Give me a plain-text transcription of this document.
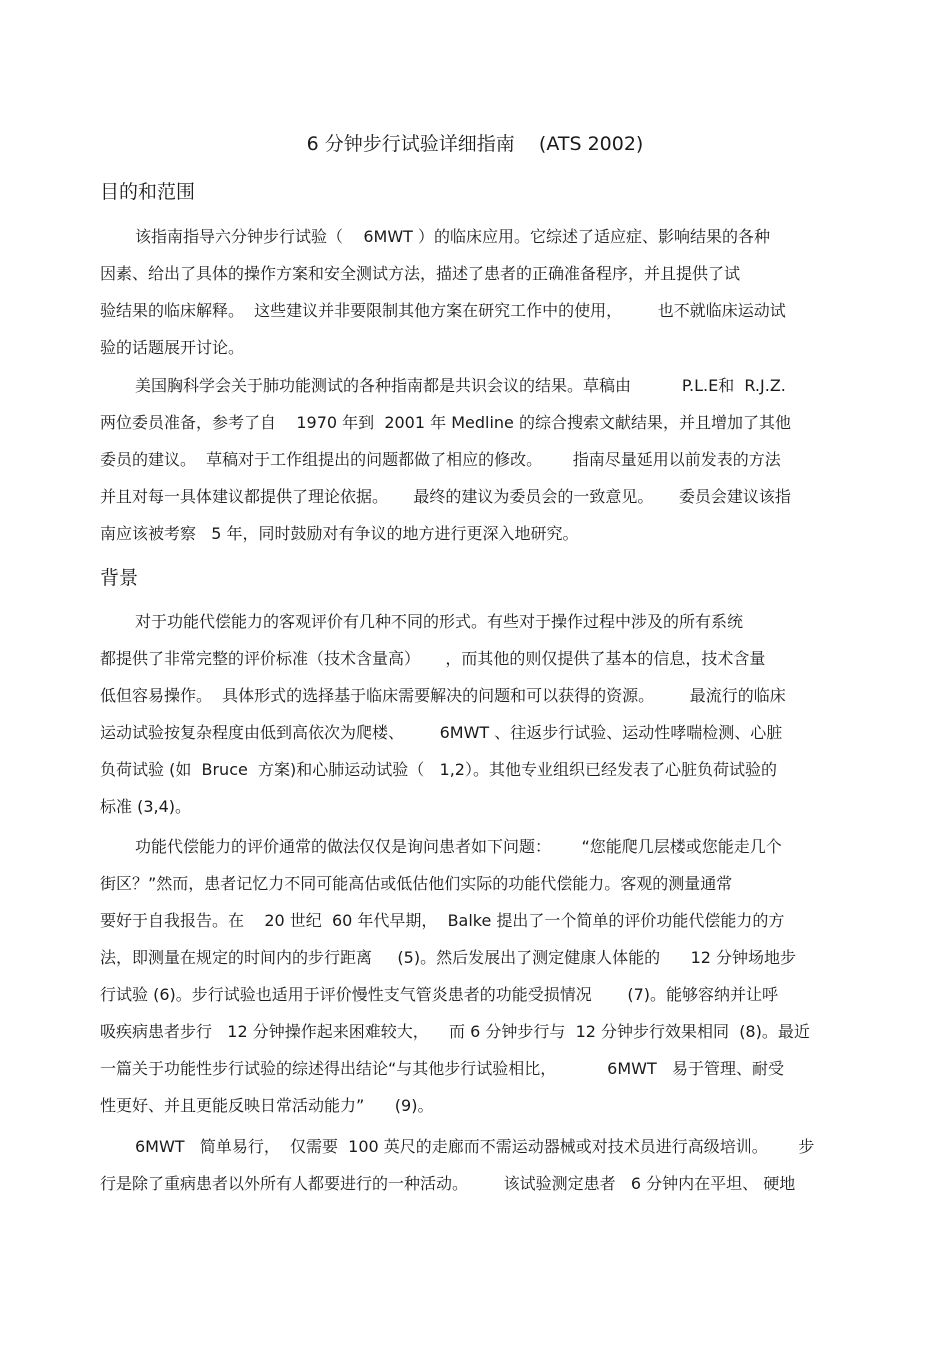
6 分钟步行试验详细指南    (ATS 2002)
目的和范围
该指南指导六分钟步行试验（    6MWT ）的临床应用。它综述了适应症、影响结果的各种
因素、给出了具体的操作方案和安全测试方法，描述了患者的正确准备程序，并且提供了试
验结果的临床解释。  这些建议并非要限制其他方案在研究工作中的使用，       也不就临床运动试
验的话题展开讨论。
美国胸科学会关于肺功能测试的各种指南都是共识会议的结果。草稿由          P.L.E和  R.J.Z.
两位委员准备，参考了自    1970 年到  2001 年 Medline 的综合搜索文献结果，并且增加了其他
委员的建议。  草稿对于工作组提出的问题都做了相应的修改。      指南尽量延用以前发表的方法
并且对每一具体建议都提供了理论依据。     最终的建议为委员会的一致意见。     委员会建议该指
南应该被考察   5 年，同时鼓励对有争议的地方进行更深入地研究。
背景
对于功能代偿能力的客观评价有几种不同的形式。有些对于操作过程中涉及的所有系统
都提供了非常完整的评价标准（技术含量高）     ，而其他的则仅提供了基本的信息，技术含量
低但容易操作。  具体形式的选择基于临床需要解决的问题和可以获得的资源。       最流行的临床
运动试验按复杂程度由低到高依次为爬楼、       6MWT 、往返步行试验、运动性哮喘检测、心脏
负荷试验 (如  Bruce  方案)和心肺运动试验（   1,2）。其他专业组织已经发表了心脏负荷试验的
标准 (3,4)。
功能代偿能力的评价通常的做法仅仅是询问患者如下问题：      “您能爬几层楼或您能走几个
街区？”然而，患者记忆力不同可能高估或低估他们实际的功能代偿能力。客观的测量通常
要好于自我报告。在    20 世纪  60 年代早期，  Balke 提出了一个简单的评价功能代偿能力的方
法，即测量在规定的时间内的步行距离     (5)。然后发展出了测定健康人体能的      12 分钟场地步
行试验 (6)。步行试验也适用于评价慢性支气管炎患者的功能受损情况       (7)。能够容纳并让呼
吸疾病患者步行   12 分钟操作起来困难较大，    而 6 分钟步行与  12 分钟步行效果相同  (8)。最近
一篇关于功能性步行试验的综述得出结论“与其他步行试验相比，          6MWT   易于管理、耐受
性更好、并且更能反映日常活动能力”      (9)。
6MWT   简单易行，  仅需要  100 英尺的走廊而不需运动器械或对技术员进行高级培训。      步
行是除了重病患者以外所有人都要进行的一种活动。       该试验测定患者   6 分钟内在平坦、 硬地
